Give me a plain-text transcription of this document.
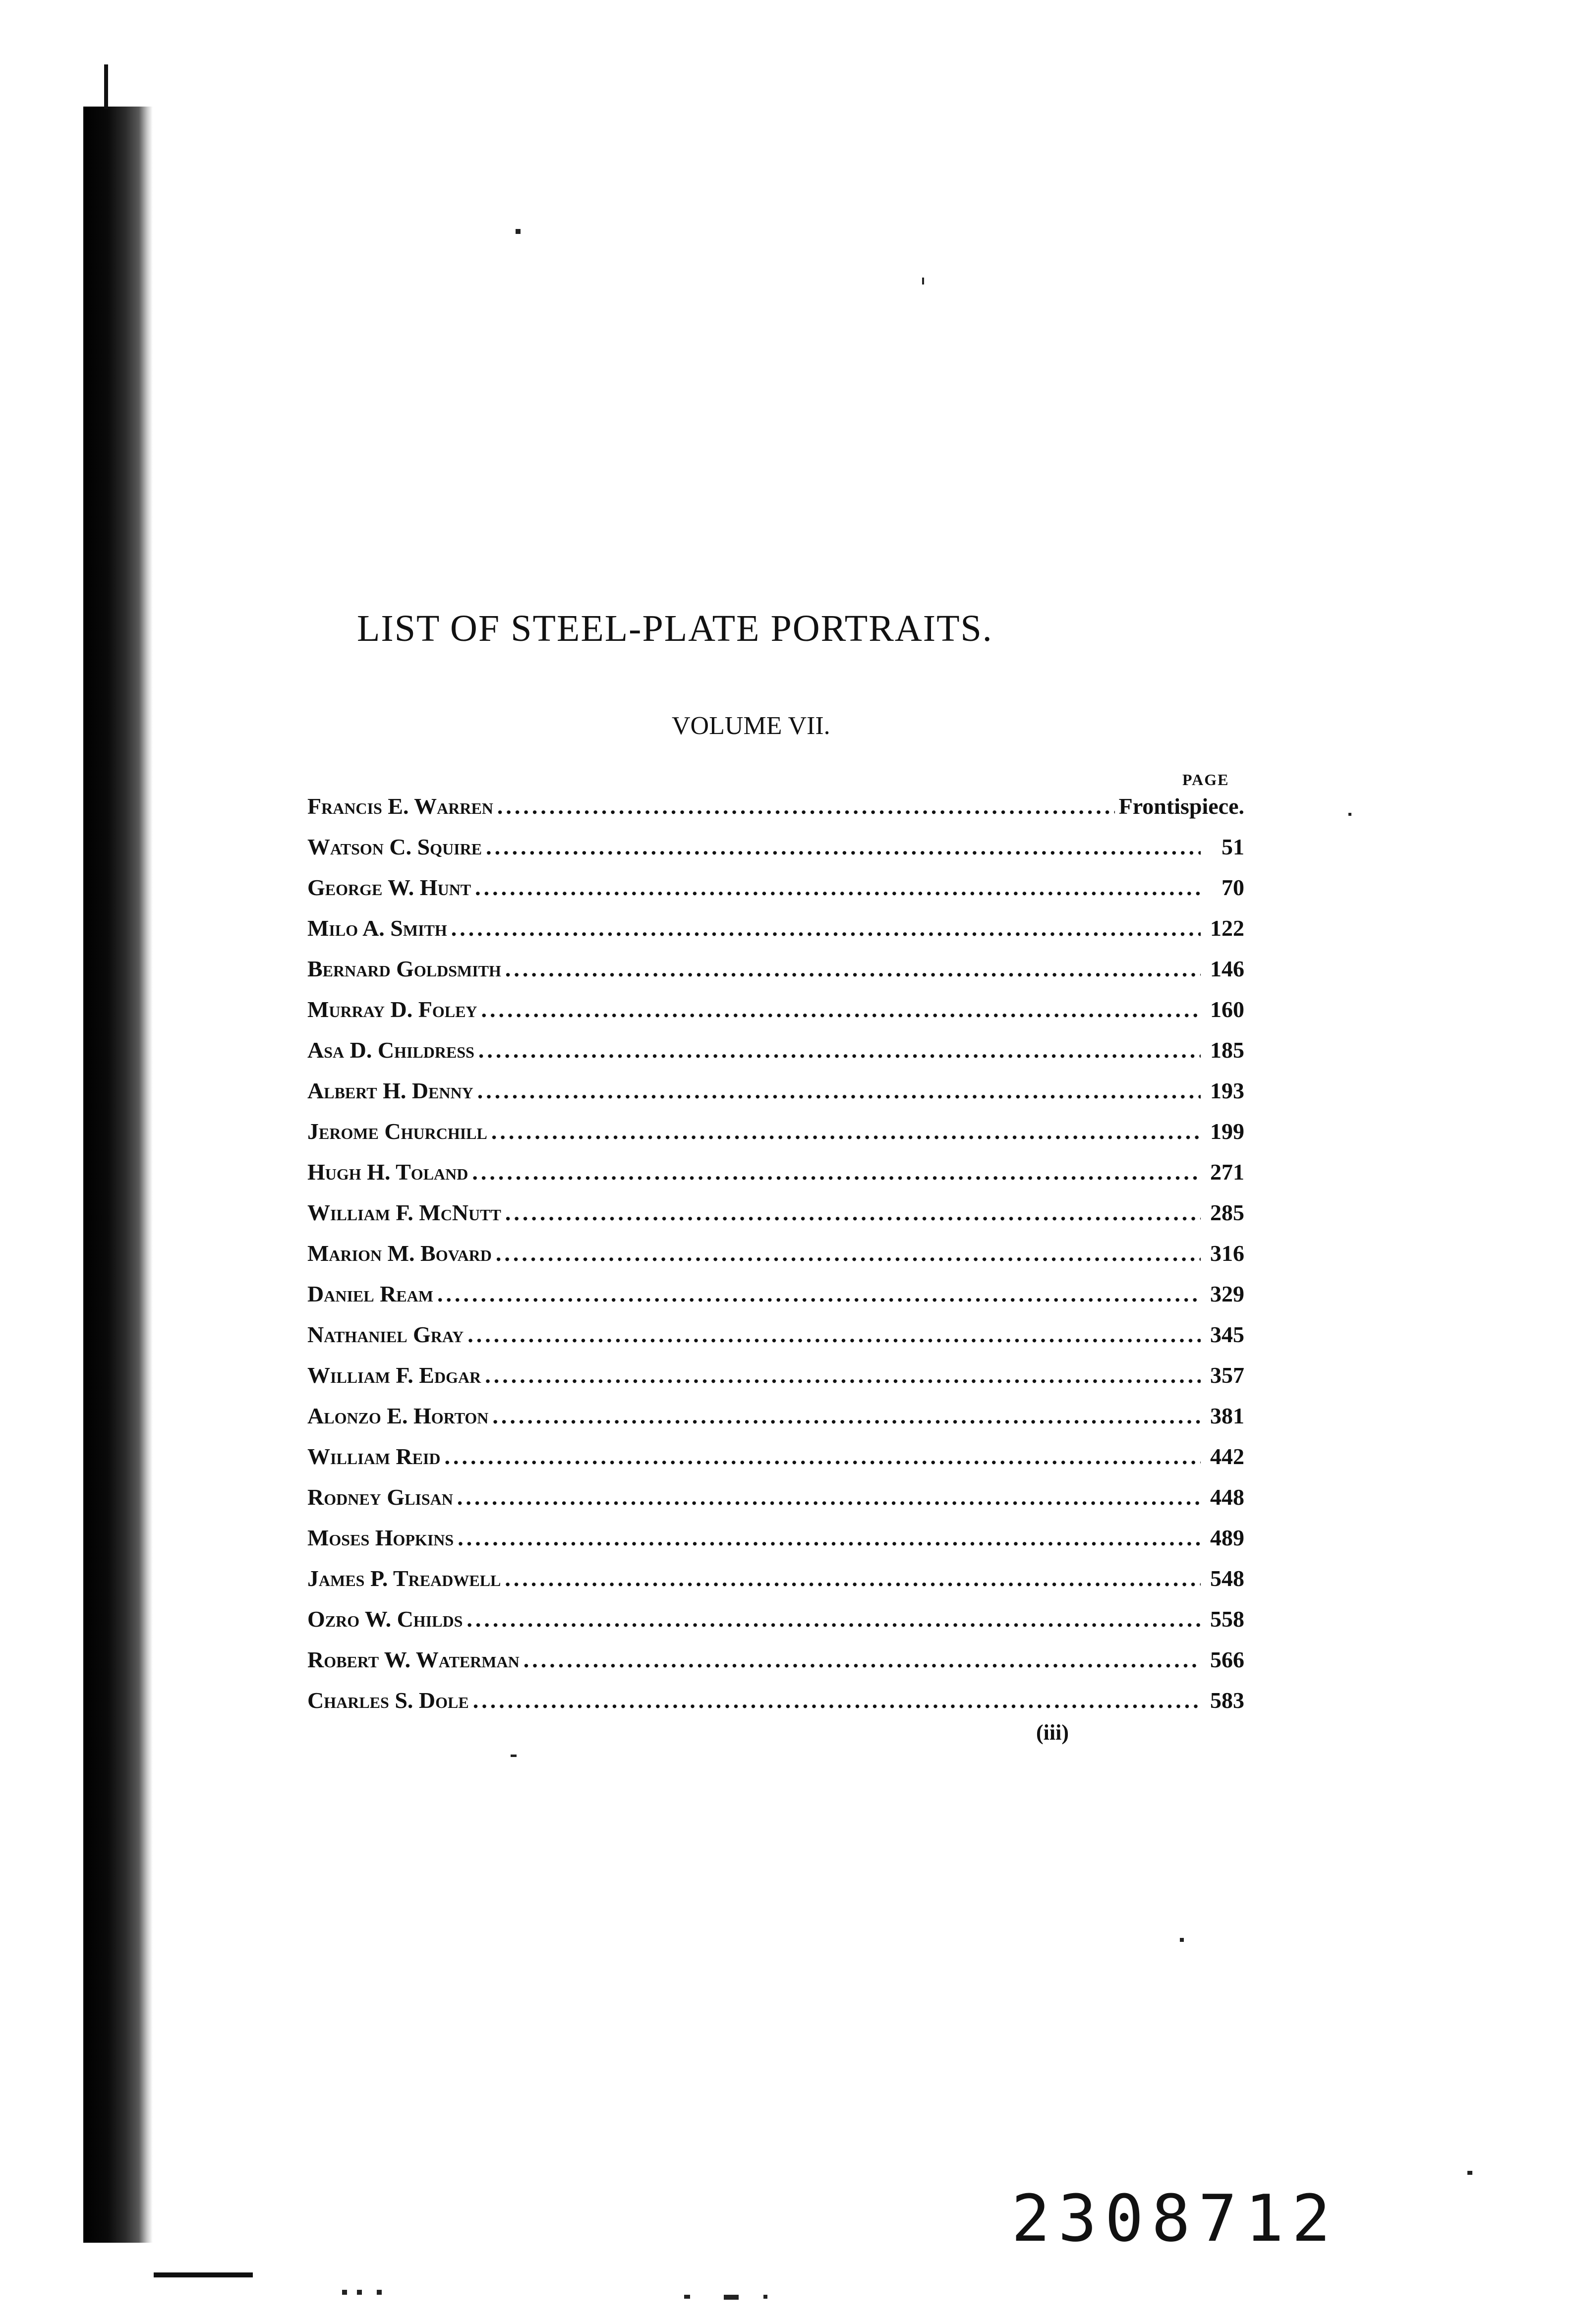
LIST OF STEEL-PLATE PORTRAITS.
VOLUME VII.
PAGE
Francis E. Warren .....	Frontispiece.
Watson C. Squire .....	51
George W. Hunt .....	70
Milo A. Smith .....	122
Bernard Goldsmith .....	146
Murray D. Foley .....	160
Asa D. Childress .....	185
Albert H. Denny .....	193
Jerome Churchill .....	199
Hugh H. Toland .....	271
William F. McNutt .....	285
Marion M. Bovard .....	316
Daniel Ream .....	329
Nathaniel Gray .....	345
William F. Edgar .....	357
Alonzo E. Horton .....	381
William Reid .....	442
Rodney Glisan .....	448
Moses Hopkins .....	489
James P. Treadwell .....	548
Ozro W. Childs .....	558
Robert W. Waterman .....	566
Charles S. Dole .....	583
(iii)
2308712
